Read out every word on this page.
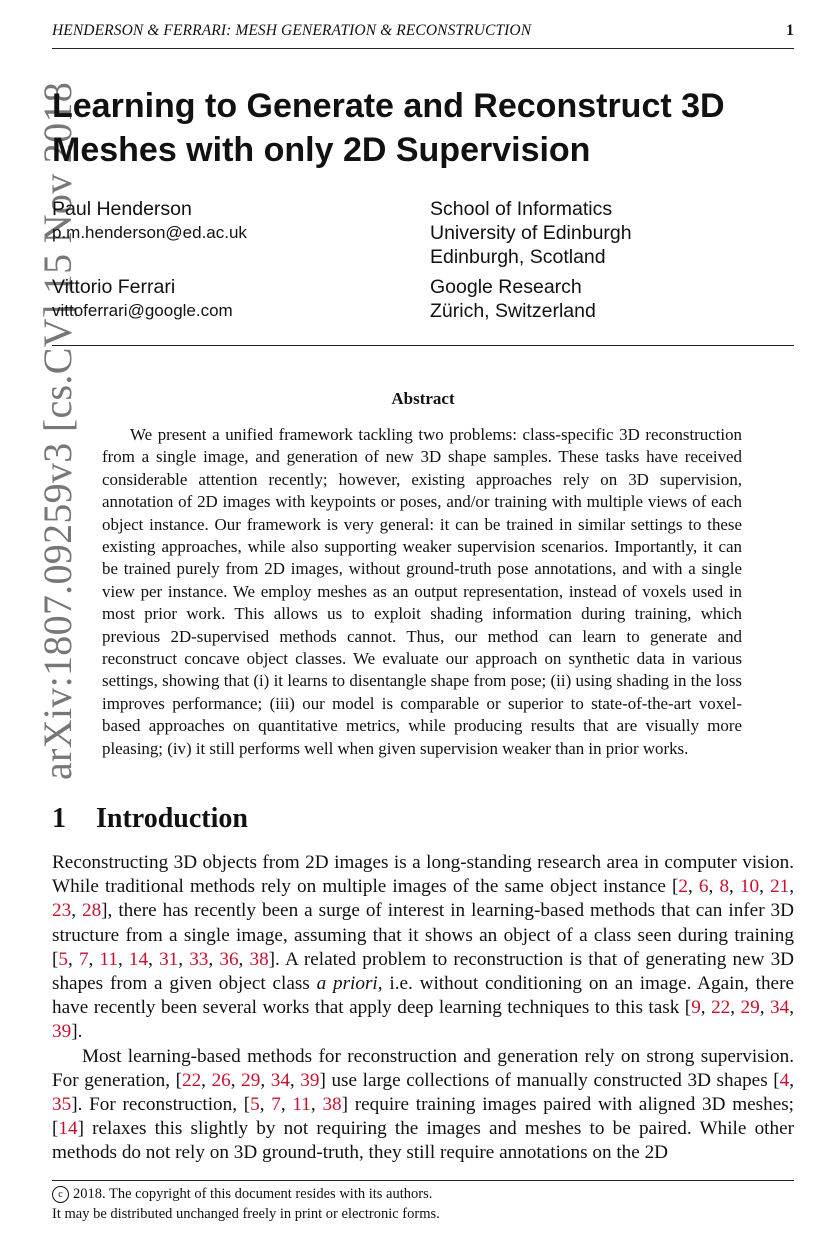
HENDERSON & FERRARI: MESH GENERATION & RECONSTRUCTION	1
arXiv:1807.09259v3 [cs.CV] 15 Nov 2018
Learning to Generate and Reconstruct 3D
Meshes with only 2D Supervision
Paul Henderson
p.m.henderson@ed.ac.uk
School of Informatics
University of Edinburgh
Edinburgh, Scotland
Vittorio Ferrari
vittoferrari@google.com
Google Research
Zürich, Switzerland
Abstract

We present a unified framework tackling two problems: class-specific 3D reconstruction from a single image, and generation of new 3D shape samples. These tasks have received considerable attention recently; however, existing approaches rely on 3D supervision, annotation of 2D images with keypoints or poses, and/or training with multiple views of each object instance. Our framework is very general: it can be trained in similar settings to these existing approaches, while also supporting weaker supervision scenarios. Importantly, it can be trained purely from 2D images, without ground-truth pose annotations, and with a single view per instance. We employ meshes as an output representation, instead of voxels used in most prior work. This allows us to exploit shading information during training, which previous 2D-supervised methods cannot. Thus, our method can learn to generate and reconstruct concave object classes. We evaluate our approach on synthetic data in various settings, showing that (i) it learns to disentangle shape from pose; (ii) using shading in the loss improves performance; (iii) our model is comparable or superior to state-of-the-art voxel-based approaches on quantitative metrics, while producing results that are visually more pleasing; (iv) it still performs well when given supervision weaker than in prior works.

1 Introduction

Reconstructing 3D objects from 2D images is a long-standing research area in computer vision. While traditional methods rely on multiple images of the same object instance [2, 6, 8, 10, 21, 23, 28], there has recently been a surge of interest in learning-based methods that can infer 3D structure from a single image, assuming that it shows an object of a class seen during training [5, 7, 11, 14, 31, 33, 36, 38]. A related problem to reconstruction is that of generating new 3D shapes from a given object class a priori, i.e. without conditioning on an image. Again, there have recently been several works that apply deep learning techniques to this task [9, 22, 29, 34, 39].

Most learning-based methods for reconstruction and generation rely on strong supervision. For generation, [22, 26, 29, 34, 39] use large collections of manually constructed 3D shapes [4, 35]. For reconstruction, [5, 7, 11, 38] require training images paired with aligned 3D meshes; [14] relaxes this slightly by not requiring the images and meshes to be paired. While other methods do not rely on 3D ground-truth, they still require annotations on the 2D

c 2018. The copyright of this document resides with its authors.
It may be distributed unchanged freely in print or electronic forms.
